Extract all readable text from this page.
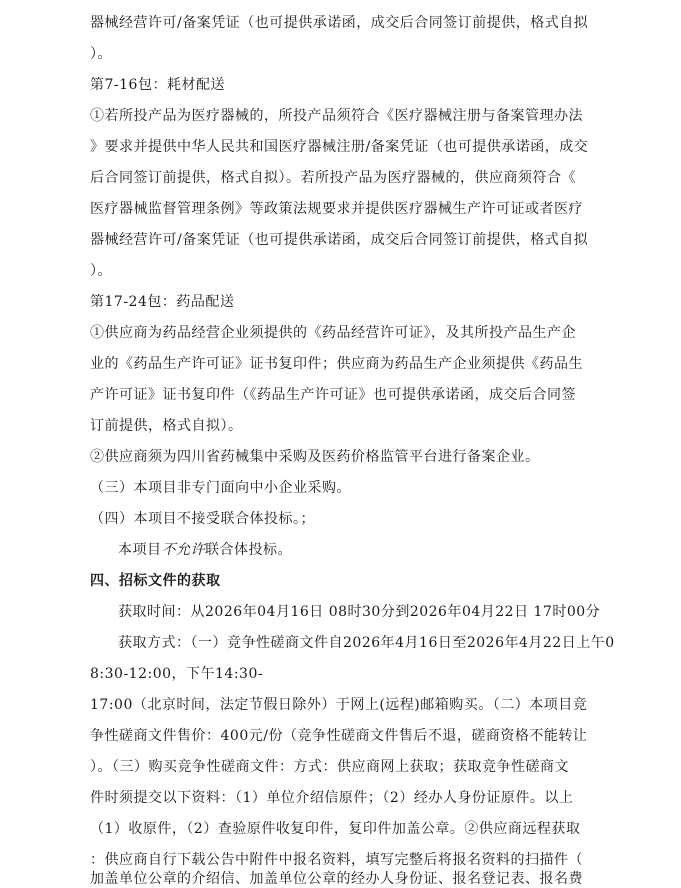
器械经营许可/备案凭证（也可提供承诺函，成交后合同签订前提供，格式自拟
）。
第7-16包：耗材配送
①若所投产品为医疗器械的，所投产品须符合《医疗器械注册与备案管理办法
》要求并提供中华人民共和国医疗器械注册/备案凭证（也可提供承诺函，成交
后合同签订前提供，格式自拟）。若所投产品为医疗器械的，供应商须符合《
医疗器械监督管理条例》等政策法规要求并提供医疗器械生产许可证或者医疗
器械经营许可/备案凭证（也可提供承诺函，成交后合同签订前提供，格式自拟
）。
第17-24包：药品配送
①供应商为药品经营企业须提供的《药品经营许可证》，及其所投产品生产企
业的《药品生产许可证》证书复印件；供应商为药品生产企业须提供《药品生
产许可证》证书复印件（《药品生产许可证》也可提供承诺函，成交后合同签
订前提供，格式自拟）。
②供应商须为四川省药械集中采购及医药价格监管平台进行备案企业。
（三）本项目非专门面向中小企业采购。
（四）本项目不接受联合体投标。；
本项目不允许联合体投标。
四、招标文件的获取
获取时间：从2026年04月16日 08时30分到2026年04月22日 17时00分
获取方式：（一）竞争性磋商文件自2026年4月16日至2026年4月22日上午0
8:30-12:00，下午14:30-
17:00（北京时间，法定节假日除外）于网上(远程)邮箱购买。（二）本项目竞
争性磋商文件售价：400元/份（竞争性磋商文件售后不退，磋商资格不能转让
）。（三）购买竞争性磋商文件：方式：供应商网上获取；获取竞争性磋商文
件时须提交以下资料：（1）单位介绍信原件；（2）经办人身份证原件。以上
（1）收原件，（2）查验原件收复印件，复印件加盖公章。②供应商远程获取
：供应商自行下载公告中附件中报名资料，填写完整后将报名资料的扫描件（
加盖单位公章的介绍信、加盖单位公章的经办人身份证、报名登记表、报名费
